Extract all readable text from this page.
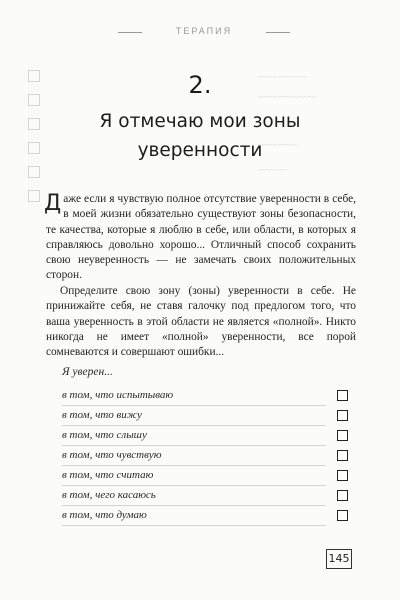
ТЕРАПИЯ
~~~~~~~~~~
~~~~~~~~~~~~
~~~~~~~~
~~~~~~
2.
Я отмечаю мои зоны уверенности
Даже если я чувствую полное отсутствие уверенности в себе, в моей жизни обязательно существуют зоны безопасности, те качества, которые я люблю в себе, или области, в которых я справляюсь довольно хорошо... Отличный способ сохранить свою неуверенность — не замечать своих положительных сторон.
Определите свою зону (зоны) уверенности в себе. Не принижайте себя, не ставя галочку под предлогом того, что ваша уверенность в этой области не является «полной». Никто никогда не имеет «полной» уверенности, все порой сомневаются и совершают ошибки...
Я уверен...
в том, что испытываю
в том, что вижу
в том, что слышу
в том, что чувствую
в том, что считаю
в том, чего касаюсь
в том, что думаю
145
